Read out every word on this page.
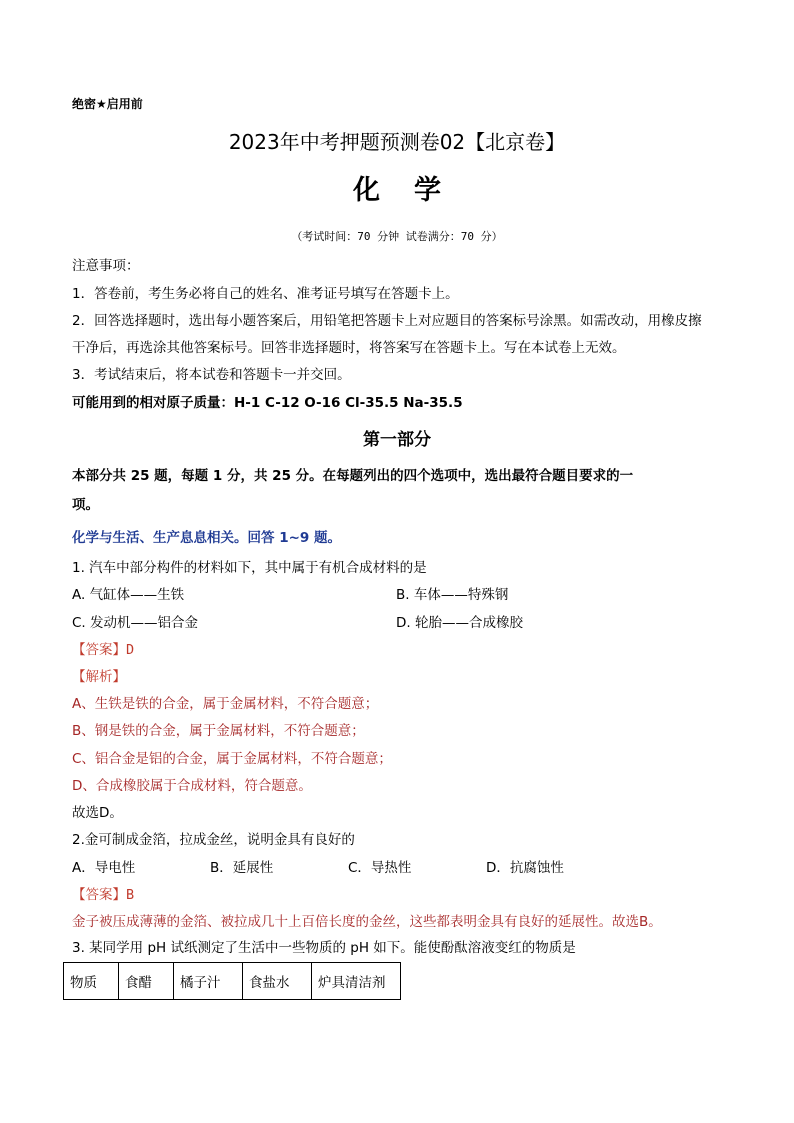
绝密★启用前
2023年中考押题预测卷02【北京卷】
化学
（考试时间：70 分钟 试卷满分：70 分）
注意事项：
1．答卷前，考生务必将自己的姓名、准考证号填写在答题卡上。
2．回答选择题时，选出每小题答案后，用铅笔把答题卡上对应题目的答案标号涂黑。如需改动，用橡皮擦
干净后，再选涂其他答案标号。回答非选择题时，将答案写在答题卡上。写在本试卷上无效。
3．考试结束后，将本试卷和答题卡一并交回。
可能用到的相对原子质量：H-1 C-12 O-16 Cl-35.5 Na-35.5
第一部分
本部分共 25 题，每题 1 分，共 25 分。在每题列出的四个选项中，选出最符合题目要求的一
项。
化学与生活、生产息息相关。回答 1~9 题。
1. 汽车中部分构件的材料如下，其中属于有机合成材料的是
A. 气缸体——生铁	B. 车体——特殊钢
C. 发动机——铝合金	D. 轮胎——合成橡胶
【答案】D
【解析】
A、生铁是铁的合金，属于金属材料，不符合题意；
B、钢是铁的合金，属于金属材料，不符合题意；
C、铝合金是铝的合金，属于金属材料，不符合题意；
D、合成橡胶属于合成材料，符合题意。
故选D。
2.金可制成金箔，拉成金丝，说明金具有良好的
A．导电性	B．延展性	C．导热性	D．抗腐蚀性
【答案】B
金子被压成薄薄的金箔、被拉成几十上百倍长度的金丝，这些都表明金具有良好的延展性。故选B。
3. 某同学用 pH 试纸测定了生活中一些物质的 pH 如下。能使酚酞溶液变红的物质是
物质	食醋	橘子汁	食盐水	炉具清洁剂
